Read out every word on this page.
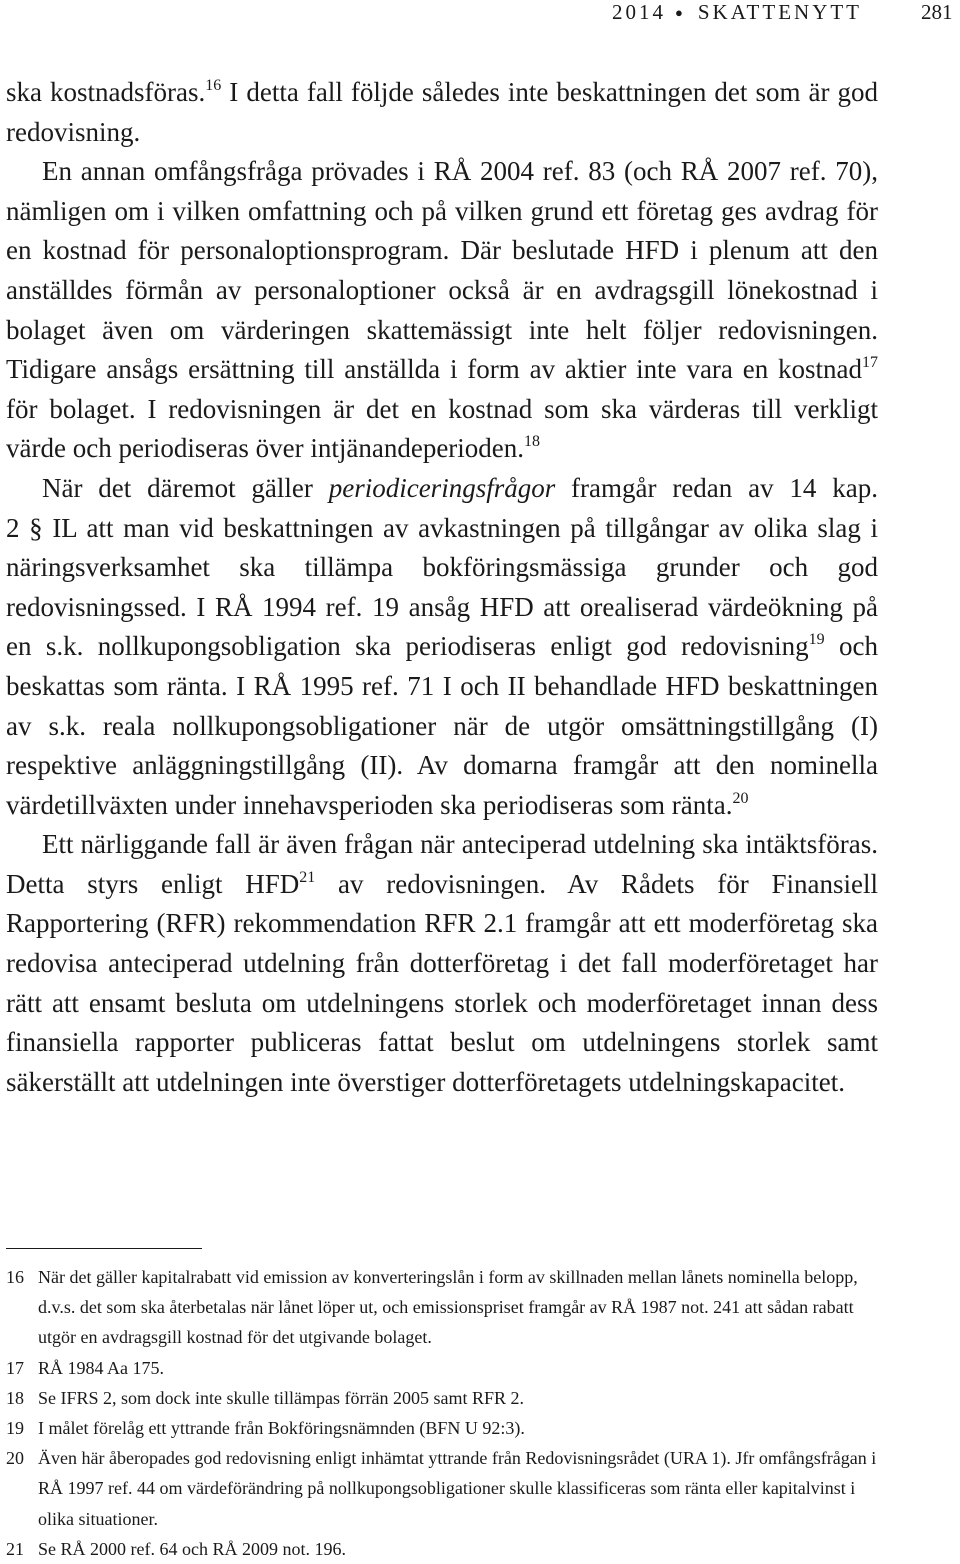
2014 ● SKATTENYTT	281

ska kostnadsföras.$^{16}$ I detta fall följde således inte beskattningen det som är god redovisning.

En annan omfångsfråga prövades i RÅ 2004 ref. 83 (och RÅ 2007 ref. 70), nämligen om i vilken omfattning och på vilken grund ett företag ges avdrag för en kostnad för personaloptionsprogram. Där beslutade HFD i plenum att den anställdes förmån av personaloptioner också är en avdragsgill lönekostnad i bolaget även om värderingen skattemässigt inte helt följer redovisningen. Tidigare ansågs ersättning till anställda i form av aktier inte vara en kostnad$^{17}$ för bolaget. I redovisningen är det en kostnad som ska värderas till verkligt värde och periodiseras över intjänandeperioden.$^{18}$

När det däremot gäller periodiceringsfrågor framgår redan av 14 kap.

2 § IL att man vid beskattningen av avkastningen på tillgångar av olika slag i näringsverksamhet ska tillämpa bokföringsmässiga grunder och god redovisningssed. I RÅ 1994 ref. 19 ansåg HFD att orealiserad värdeökning på en s.k. nollkupongsobligation ska periodiseras enligt god redovisning$^{19}$ och beskattas som ränta. I RÅ 1995 ref. 71 I och II behandlade HFD beskattningen av s.k. reala nollkupongsobligationer när de utgör omsättningstillgång (I) respektive anläggningstillgång (II). Av domarna framgår att den nominella värdetillväxten under innehavsperioden ska periodiseras som ränta.$^{20}$

Ett närliggande fall är även frågan när anteciperad utdelning ska intäktsföras. Detta styrs enligt HFD$^{21}$ av redovisningen. Av Rådets för Finansiell Rapportering (RFR) rekommendation RFR 2.1 framgår att ett moderföretag ska redovisa anteciperad utdelning från dotterföretag i det fall moderföretaget har rätt att ensamt besluta om utdelningens storlek och moderföretaget innan dess finansiella rapporter publiceras fattat beslut om utdelningens storlek samt säkerställt att utdelningen inte överstiger dotterföretagets utdelningskapacitet.

16 När det gäller kapitalrabatt vid emission av konverteringslån i form av skillnaden mellan lånets nominella belopp, d.v.s. det som ska återbetalas när lånet löper ut, och emissionspriset framgår av RÅ 1987 not. 241 att sådan rabatt utgör en avdragsgill kostnad för det utgivande bolaget.
17 RÅ 1984 Aa 175.
18 Se IFRS 2, som dock inte skulle tillämpas förrän 2005 samt RFR 2.
19 I målet förelåg ett yttrande från Bokföringsnämnden (BFN U 92:3).
20 Även här åberopades god redovisning enligt inhämtat yttrande från Redovisningsrådet (URA 1). Jfr omfångsfrågan i RÅ 1997 ref. 44 om värdeförändring på nollkupongsobligationer skulle klassificeras som ränta eller kapitalvinst i olika situationer.
21 Se RÅ 2000 ref. 64 och RÅ 2009 not. 196.
